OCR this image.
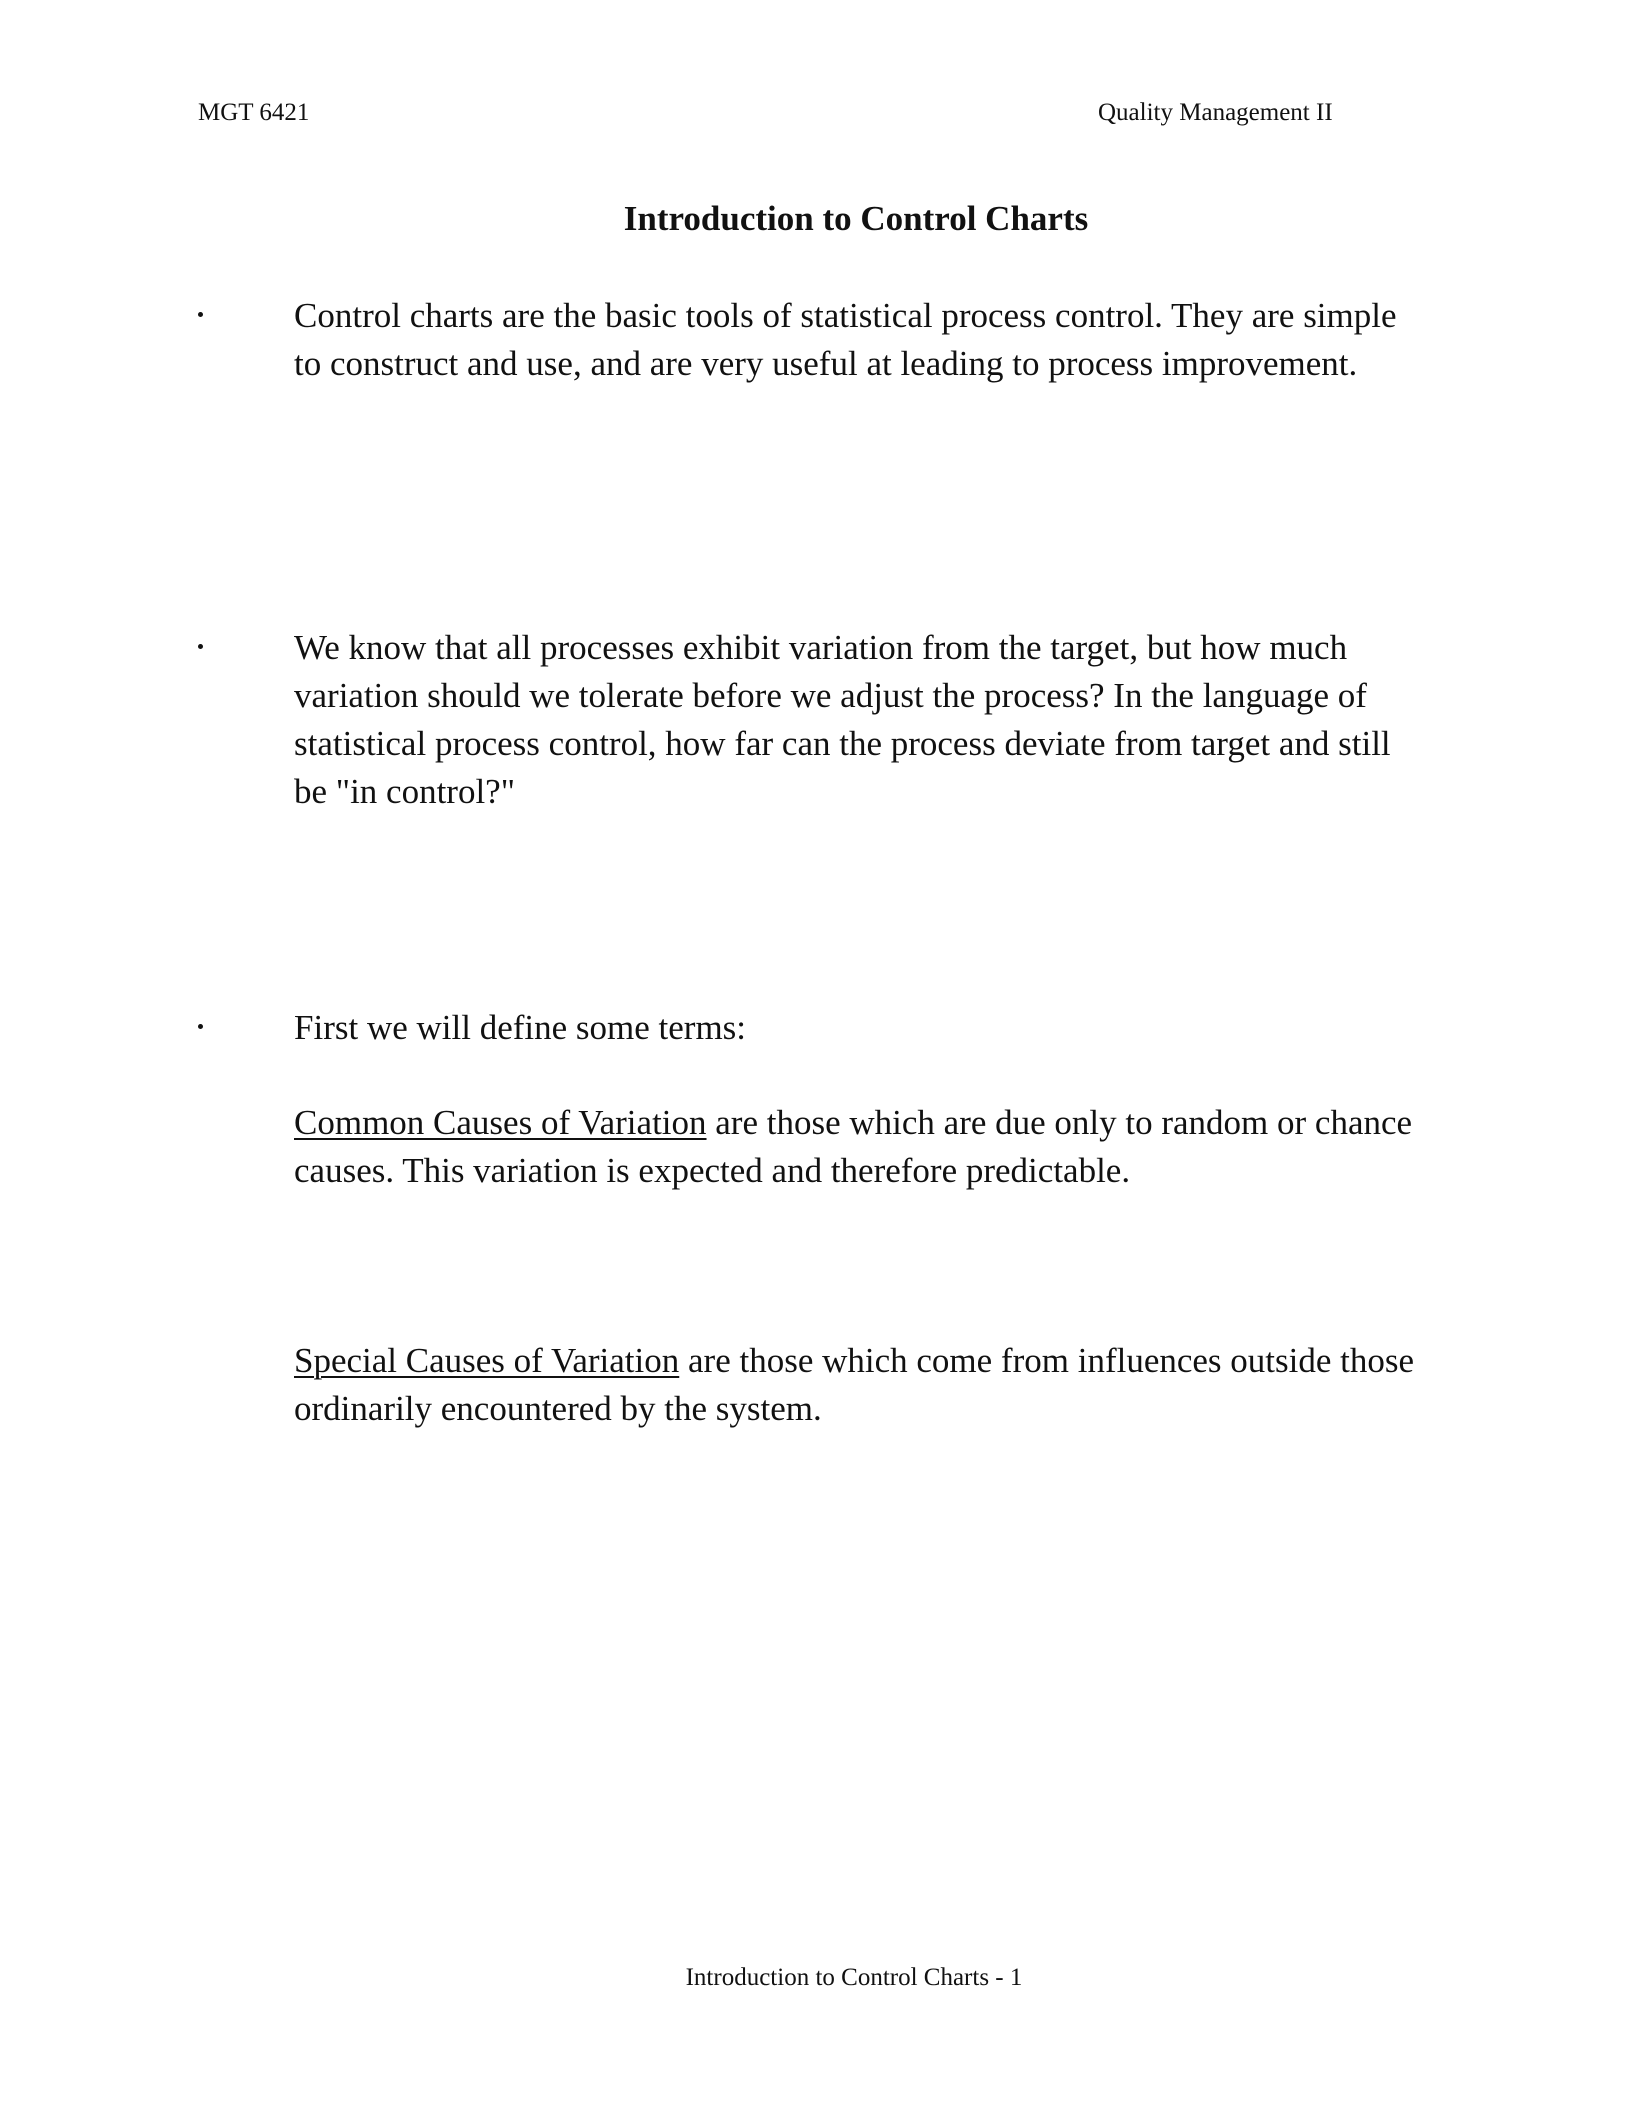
MGT 6421	Quality Management II
Introduction to Control Charts

Control charts are the basic tools of statistical process control. They are simple to construct and use, and are very useful at leading to process improvement.

We know that all processes exhibit variation from the target, but how much variation should we tolerate before we adjust the process? In the language of statistical process control, how far can the process deviate from target and still be "in control?"

First we will define some terms:

Common Causes of Variation are those which are due only to random or chance causes. This variation is expected and therefore predictable.
Special Causes of Variation are those which come from influences outside those ordinarily encountered by the system.
Introduction to Control Charts - 1
